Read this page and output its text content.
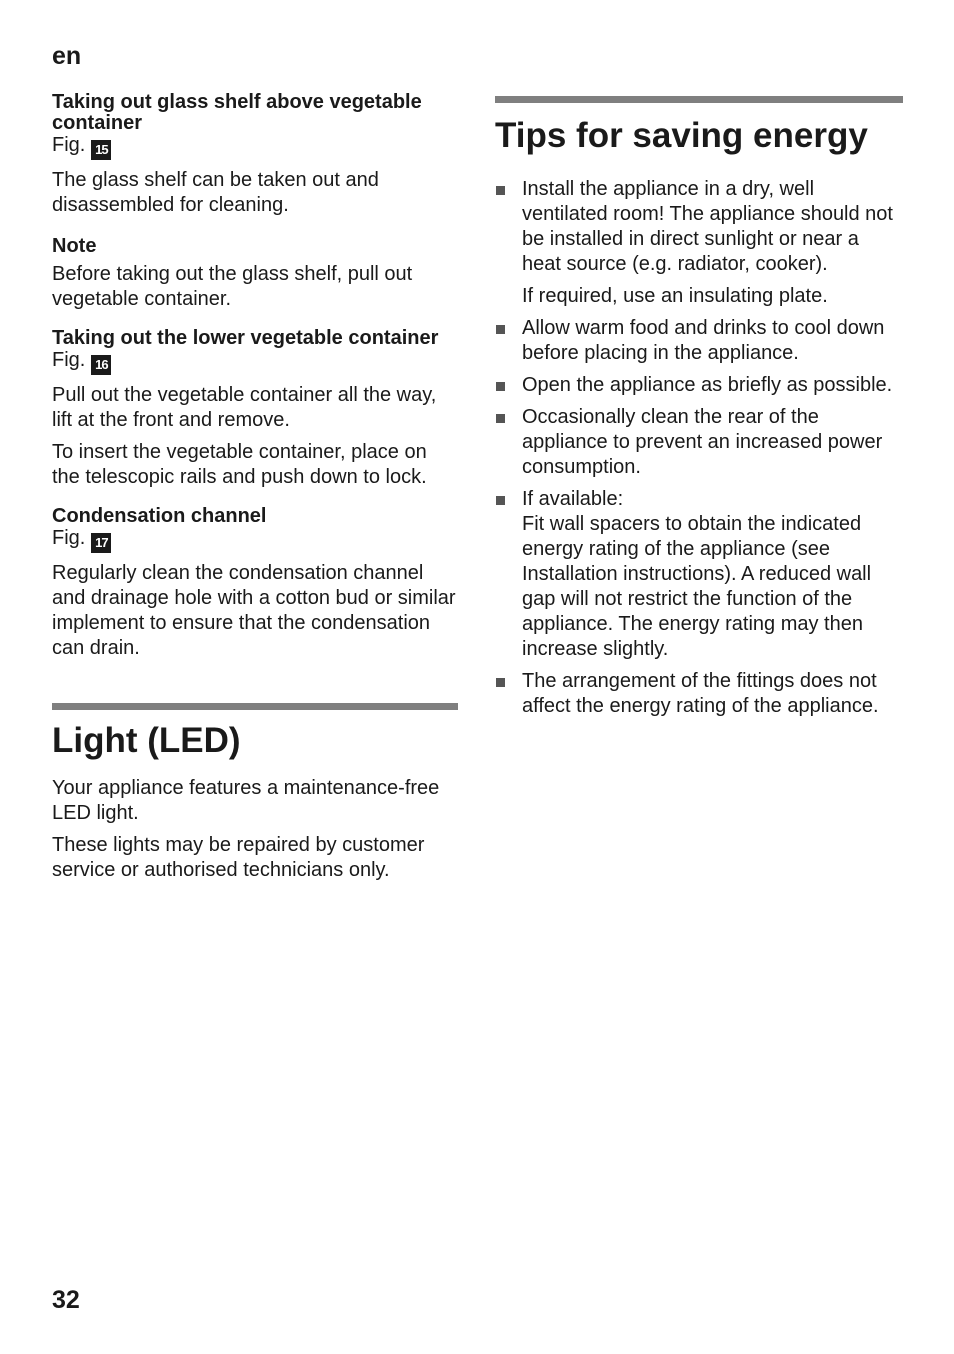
en
Taking out glass shelf above vegetable container

Fig. 15

The glass shelf can be taken out and disassembled for cleaning.

Note

Before taking out the glass shelf, pull out vegetable container.

Taking out the lower vegetable container

Fig. 16

Pull out the vegetable container all the way, lift at the front and remove.

To insert the vegetable container, place on the telescopic rails and push down to lock.

Condensation channel

Fig. 17

Regularly clean the condensation channel and drainage hole with a cotton bud or similar implement to ensure that the condensation can drain.

Light (LED)

Your appliance features a maintenance-free LED light.

These lights may be repaired by customer service or authorised technicians only.

Tips for saving energy
Install the appliance in a dry, well ventilated room! The appliance should not be installed in direct sunlight or near a heat source (e.g. radiator, cooker).
If required, use an insulating plate.
Allow warm food and drinks to cool down before placing in the appliance.
Open the appliance as briefly as possible.
Occasionally clean the rear of the appliance to prevent an increased power consumption.
If available:
Fit wall spacers to obtain the indicated energy rating of the appliance (see Installation instructions). A reduced wall gap will not restrict the function of the appliance. The energy rating may then increase slightly.
The arrangement of the fittings does not affect the energy rating of the appliance.
32
